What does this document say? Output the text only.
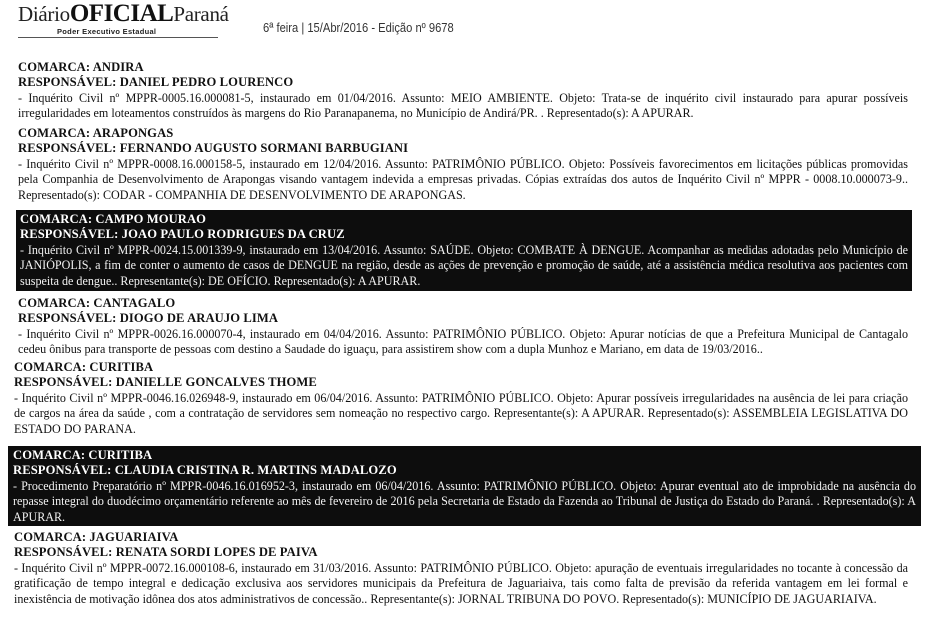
DiárioOFICIALParaná
Poder Executivo Estadual	6ª feira | 15/Abr/2016 - Edição nº 9678
COMARCA: ANDIRA
RESPONSÁVEL: DANIEL PEDRO LOURENCO
- Inquérito Civil nº MPPR-0005.16.000081-5, instaurado em 01/04/2016. Assunto: MEIO AMBIENTE. Objeto: Trata-se de inquérito civil instaurado para apurar possíveis irregularidades em loteamentos construídos às margens do Rio Paranapanema, no Município de Andirá/PR. . Representado(s): A APURAR.
COMARCA: ARAPONGAS
RESPONSÁVEL: FERNANDO AUGUSTO SORMANI BARBUGIANI
- Inquérito Civil nº MPPR-0008.16.000158-5, instaurado em 12/04/2016. Assunto: PATRIMÔNIO PÚBLICO. Objeto: Possíveis favorecimentos em licitações públicas promovidas pela Companhia de Desenvolvimento de Arapongas visando vantagem indevida a empresas privadas. Cópias extraídas dos autos de Inquérito Civil nº MPPR - 0008.10.000073-9.. Representado(s): CODAR - COMPANHIA DE DESENVOLVIMENTO DE ARAPONGAS.
COMARCA: CAMPO MOURAO
RESPONSÁVEL: JOAO PAULO RODRIGUES DA CRUZ
- Inquérito Civil nº MPPR-0024.15.001339-9, instaurado em 13/04/2016. Assunto: SAÚDE. Objeto: COMBATE À DENGUE. Acompanhar as medidas adotadas pelo Município de JANIÓPOLIS, a fim de conter o aumento de casos de DENGUE na região, desde as ações de prevenção e promoção de saúde, até a assistência médica resolutiva aos pacientes com suspeita de dengue.. Representante(s): DE OFÍCIO. Representado(s): A APURAR.
COMARCA: CANTAGALO
RESPONSÁVEL: DIOGO DE ARAUJO LIMA
- Inquérito Civil nº MPPR-0026.16.000070-4, instaurado em 04/04/2016. Assunto: PATRIMÔNIO PÚBLICO. Objeto: Apurar notícias de que a Prefeitura Municipal de Cantagalo cedeu ônibus para transporte de pessoas com destino a Saudade do iguaçu, para assistirem show com a dupla Munhoz e Mariano, em data de 19/03/2016..
COMARCA: CURITIBA
RESPONSÁVEL: DANIELLE GONCALVES THOME
- Inquérito Civil nº MPPR-0046.16.026948-9, instaurado em 06/04/2016. Assunto: PATRIMÔNIO PÚBLICO. Objeto: Apurar possíveis irregularidades na ausência de lei para criação de cargos na área da saúde , com a contratação de servidores sem nomeação no respectivo cargo. Representante(s): A APURAR. Representado(s): ASSEMBLEIA LEGISLATIVA DO ESTADO DO PARANA.
COMARCA: CURITIBA
RESPONSÁVEL: CLAUDIA CRISTINA R. MARTINS MADALOZO
- Procedimento Preparatório nº MPPR-0046.16.016952-3, instaurado em 06/04/2016. Assunto: PATRIMÔNIO PÚBLICO. Objeto: Apurar eventual ato de improbidade na ausência do repasse integral do duodécimo orçamentário referente ao mês de fevereiro de 2016 pela Secretaria de Estado da Fazenda ao Tribunal de Justiça do Estado do Paraná. . Representado(s): A APURAR.
COMARCA: JAGUARIAIVA
RESPONSÁVEL: RENATA SORDI LOPES DE PAIVA
- Inquérito Civil nº MPPR-0072.16.000108-6, instaurado em 31/03/2016. Assunto: PATRIMÔNIO PÚBLICO. Objeto: apuração de eventuais irregularidades no tocante à concessão da gratificação de tempo integral e dedicação exclusiva aos servidores municipais da Prefeitura de Jaguariaiva, tais como falta de previsão da referida vantagem em lei formal e inexistência de motivação idônea dos atos administrativos de concessão.. Representante(s): JORNAL TRIBUNA DO POVO. Representado(s): MUNICÍPIO DE JAGUARIAIVA.
